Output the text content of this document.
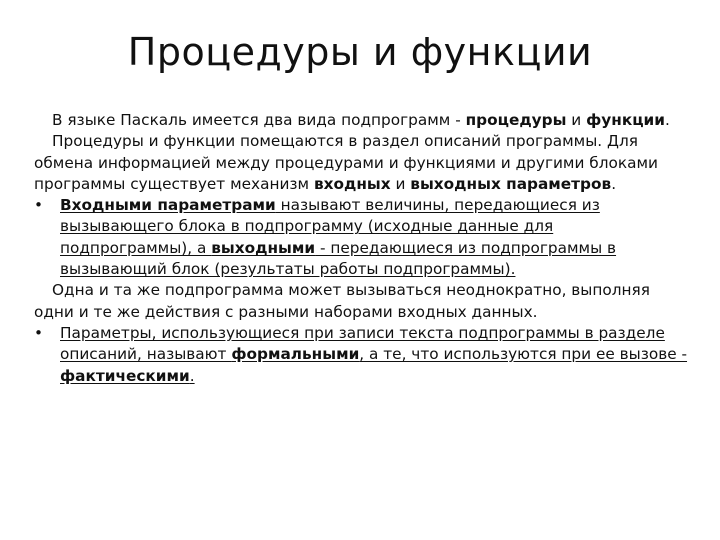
Процедуры и функции

В языке Паскаль имеется два вида подпрограмм - процедуры и функции.

Процедуры и функции помещаются в раздел описаний программы. Для обмена информацией между процедурами и функциями и другими блоками программы существует механизм входных и выходных параметров.

• Входными параметрами называют величины, передающиеся из вызывающего блока в подпрограмму (исходные данные для подпрограммы), а выходными - передающиеся из подпрограммы в вызывающий блок (результаты работы подпрограммы).

Одна и та же подпрограмма может вызываться неоднократно, выполняя одни и те же действия с разными наборами входных данных.

• Параметры, использующиеся при записи текста подпрограммы в разделе описаний, называют формальными, а те, что используются при ее вызове - фактическими.
